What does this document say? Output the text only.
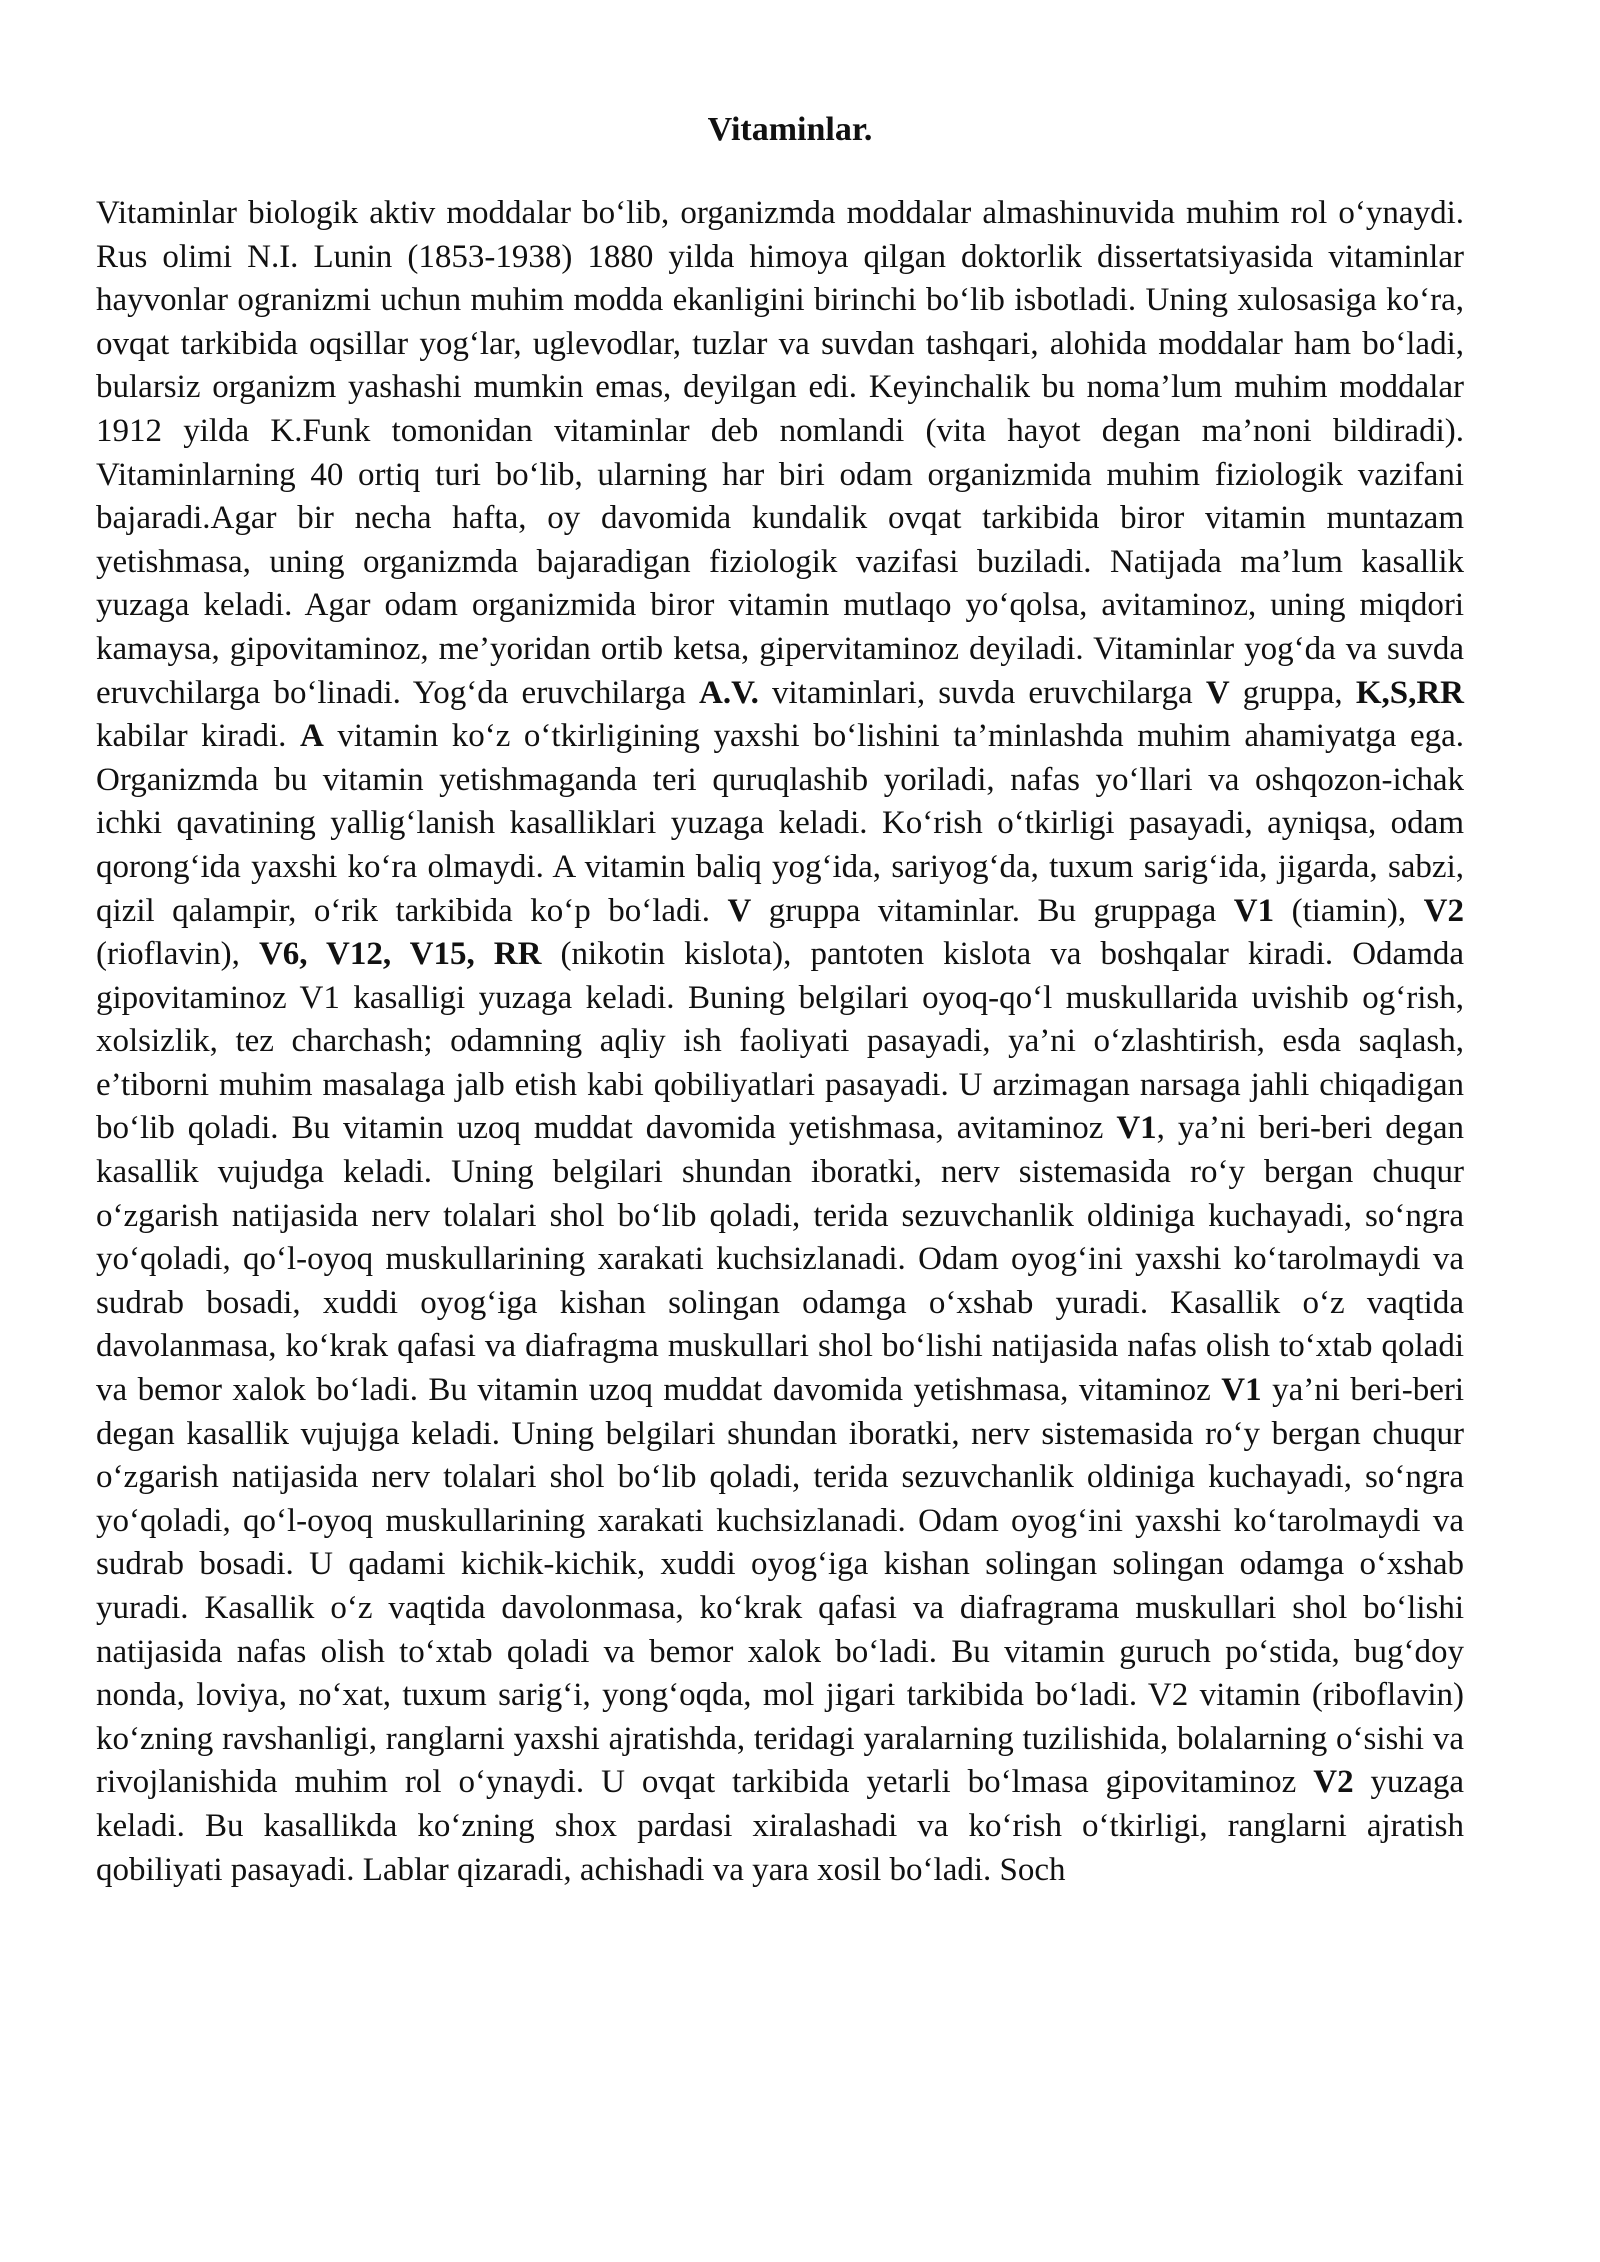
Vitaminlar.

Vitaminlar biologik aktiv moddalar bo‘lib, organizmda moddalar almashinuvida muhim rol o‘ynaydi. Rus olimi N.I. Lunin (1853-1938) 1880 yilda himoya qilgan doktorlik dissertatsiyasida vitaminlar hayvonlar ogranizmi uchun muhim modda ekanligini birinchi bo‘lib isbotladi. Uning xulosasiga ko‘ra, ovqat tarkibida oqsillar yog‘lar, uglevodlar, tuzlar va suvdan tashqari, alohida moddalar ham bo‘ladi, bularsiz organizm yashashi mumkin emas, deyilgan edi. Keyinchalik bu noma’lum muhim moddalar 1912 yilda K.Funk tomonidan vitaminlar deb nomlandi (vita hayot degan ma’noni bildiradi). Vitaminlarning 40 ortiq turi bo‘lib, ularning har biri odam organizmida muhim fiziologik vazifani bajaradi.Agar bir necha hafta, oy davomida kundalik ovqat tarkibida biror vitamin muntazam yetishmasa, uning organizmda bajaradigan fiziologik vazifasi buziladi. Natijada ma’lum kasallik yuzaga keladi. Agar odam organizmida biror vitamin mutlaqo yo‘qolsa, avitaminoz, uning miqdori kamaysa, gipovitaminoz, me’yoridan ortib ketsa, gipervitaminoz deyiladi. Vitaminlar yog‘da va suvda eruvchilarga bo‘linadi. Yog‘da eruvchilarga A.V. vitaminlari, suvda eruvchilarga V gruppa, K,S,RR kabilar kiradi. A vitamin ko‘z o‘tkirligining yaxshi bo‘lishini ta’minlashda muhim ahamiyatga ega. Organizmda bu vitamin yetishmaganda teri quruqlashib yoriladi, nafas yo‘llari va oshqozon-ichak ichki qavatining yallig‘lanish kasalliklari yuzaga keladi. Ko‘rish o‘tkirligi pasayadi, ayniqsa, odam qorong‘ida yaxshi ko‘ra olmaydi. A vitamin baliq yog‘ida, sariyog‘da, tuxum sarig‘ida, jigarda, sabzi, qizil qalampir, o‘rik tarkibida ko‘p bo‘ladi. V gruppa vitaminlar. Bu gruppaga V1 (tiamin), V2 (rioflavin), V6, V12, V15, RR (nikotin kislota), pantoten kislota va boshqalar kiradi. Odamda gipovitaminoz V1 kasalligi yuzaga keladi. Buning belgilari oyoq-qo‘l muskullarida uvishib og‘rish, xolsizlik, tez charchash; odamning aqliy ish faoliyati pasayadi, ya’ni o‘zlashtirish, esda saqlash, e’tiborni muhim masalaga jalb etish kabi qobiliyatlari pasayadi. U arzimagan narsaga jahli chiqadigan bo‘lib qoladi. Bu vitamin uzoq muddat davomida yetishmasa, avitaminoz V1, ya’ni beri-beri degan kasallik vujudga keladi. Uning belgilari shundan iboratki, nerv sistemasida ro‘y bergan chuqur o‘zgarish natijasida nerv tolalari shol bo‘lib qoladi, terida sezuvchanlik oldiniga kuchayadi, so‘ngra yo‘qoladi, qo‘l-oyoq muskullarining xarakati kuchsizlanadi. Odam oyog‘ini yaxshi ko‘tarolmaydi va sudrab bosadi, xuddi oyog‘iga kishan solingan odamga o‘xshab yuradi. Kasallik o‘z vaqtida davolanmasa, ko‘krak qafasi va diafragma muskullari shol bo‘lishi natijasida nafas olish to‘xtab qoladi va bemor xalok bo‘ladi. Bu vitamin uzoq muddat davomida yetishmasa, vitaminoz V1 ya’ni beri-beri degan kasallik vujujga keladi. Uning belgilari shundan iboratki, nerv sistemasida ro‘y bergan chuqur o‘zgarish natijasida nerv tolalari shol bo‘lib qoladi, terida sezuvchanlik oldiniga kuchayadi, so‘ngra yo‘qoladi, qo‘l-oyoq muskullarining xarakati kuchsizlanadi. Odam oyog‘ini yaxshi ko‘tarolmaydi va sudrab bosadi. U qadami kichik-kichik, xuddi oyog‘iga kishan solingan solingan odamga o‘xshab yuradi. Kasallik o‘z vaqtida davolonmasa, ko‘krak qafasi va diafragrama muskullari shol bo‘lishi natijasida nafas olish to‘xtab qoladi va bemor xalok bo‘ladi. Bu vitamin guruch po‘stida, bug‘doy nonda, loviya, no‘xat, tuxum sarig‘i, yong‘oqda, mol jigari tarkibida bo‘ladi. V2 vitamin (riboflavin) ko‘zning ravshanligi, ranglarni yaxshi ajratishda, teridagi yaralarning tuzilishida, bolalarning o‘sishi va rivojlanishida muhim rol o‘ynaydi. U ovqat tarkibida yetarli bo‘lmasa gipovitaminoz V2 yuzaga keladi. Bu kasallikda ko‘zning shox pardasi xiralashadi va ko‘rish o‘tkirligi, ranglarni ajratish qobiliyati pasayadi. Lablar qizaradi, achishadi va yara xosil bo‘ladi. Soch
